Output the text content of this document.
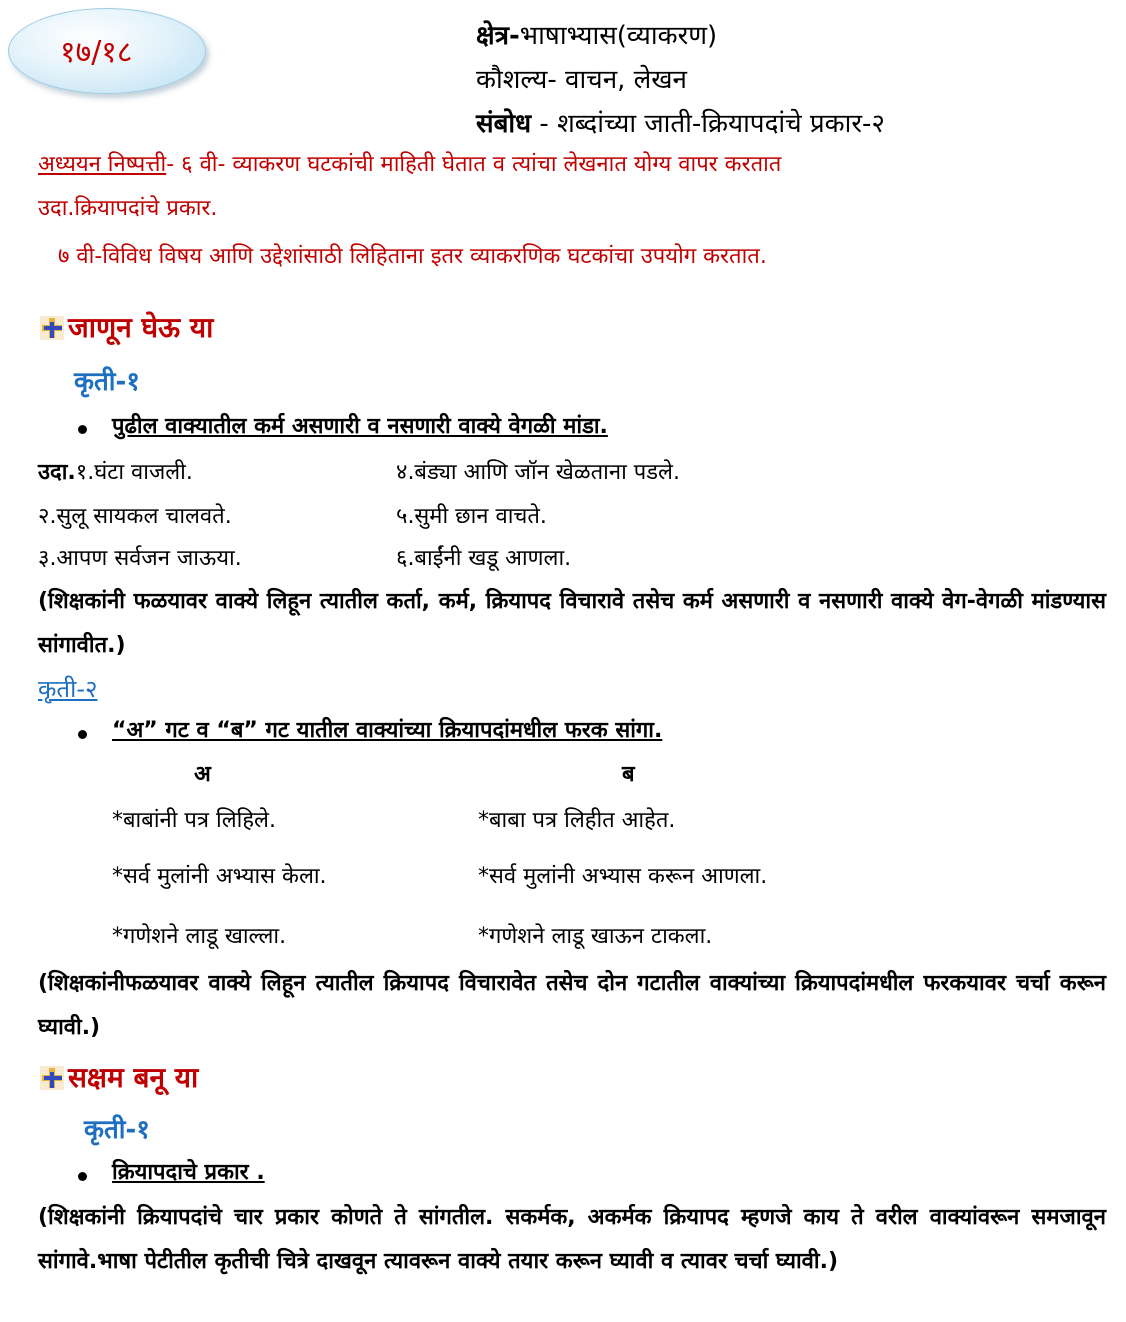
१७/१८	क्षेत्र-भाषाभ्यास(व्याकरण)
कौशल्य- वाचन, लेखन
संबोध - शब्दांच्या जाती-क्रियापदांचे प्रकार-२
अध्ययन निष्पत्ती- ६ वी- व्याकरण घटकांची माहिती घेतात व त्यांचा लेखनात योग्य वापर करतात
उदा.क्रियापदांचे प्रकार.
७ वी-विविध विषय आणि उद्देशांसाठी लिहिताना इतर व्याकरणिक घटकांचा उपयोग करतात.
जाणून घेऊ या
कृती-१
पुढील वाक्यातील कर्म असणारी व नसणारी वाक्ये वेगळी मांडा.
उदा.१.घंटा वाजली.
२.सुलू सायकल चालवते.
३.आपण सर्वजन जाऊया.
४.बंड्या आणि जॉन खेळताना पडले.
५.सुमी छान वाचते.
६.बाईंनी खडू आणला.
(शिक्षकांनी फळयावर वाक्ये लिहून त्यातील कर्ता, कर्म, क्रियापद विचारावे तसेच कर्म असणारी व नसणारी वाक्ये वेग-वेगळी मांडण्यास सांगावीत.)
कृती-२
“अ” गट व “ब” गट यातील वाक्यांच्या क्रियापदांमधील फरक सांगा.
अ	ब
*बाबांनी पत्र लिहिले.
*सर्व मुलांनी अभ्यास केला.
*गणेशने लाडू खाल्ला.
*बाबा पत्र लिहीत आहेत.
*सर्व मुलांनी अभ्यास करून आणला.
*गणेशने लाडू खाऊन टाकला.
(शिक्षकांनीफळयावर वाक्ये लिहून त्यातील क्रियापद विचारावेत तसेच दोन गटातील वाक्यांच्या क्रियापदांमधील फरकयावर चर्चा करून घ्यावी.)
सक्षम बनू या
कृती-१
क्रियापदाचे प्रकार .
(शिक्षकांनी क्रियापदांचे चार प्रकार कोणते ते सांगतील. सकर्मक, अकर्मक क्रियापद म्हणजे काय ते वरील वाक्यांवरून समजावून सांगावे.भाषा पेटीतील कृतीची चित्रे दाखवून त्यावरून वाक्ये तयार करून घ्यावी व त्यावर चर्चा घ्यावी.)
